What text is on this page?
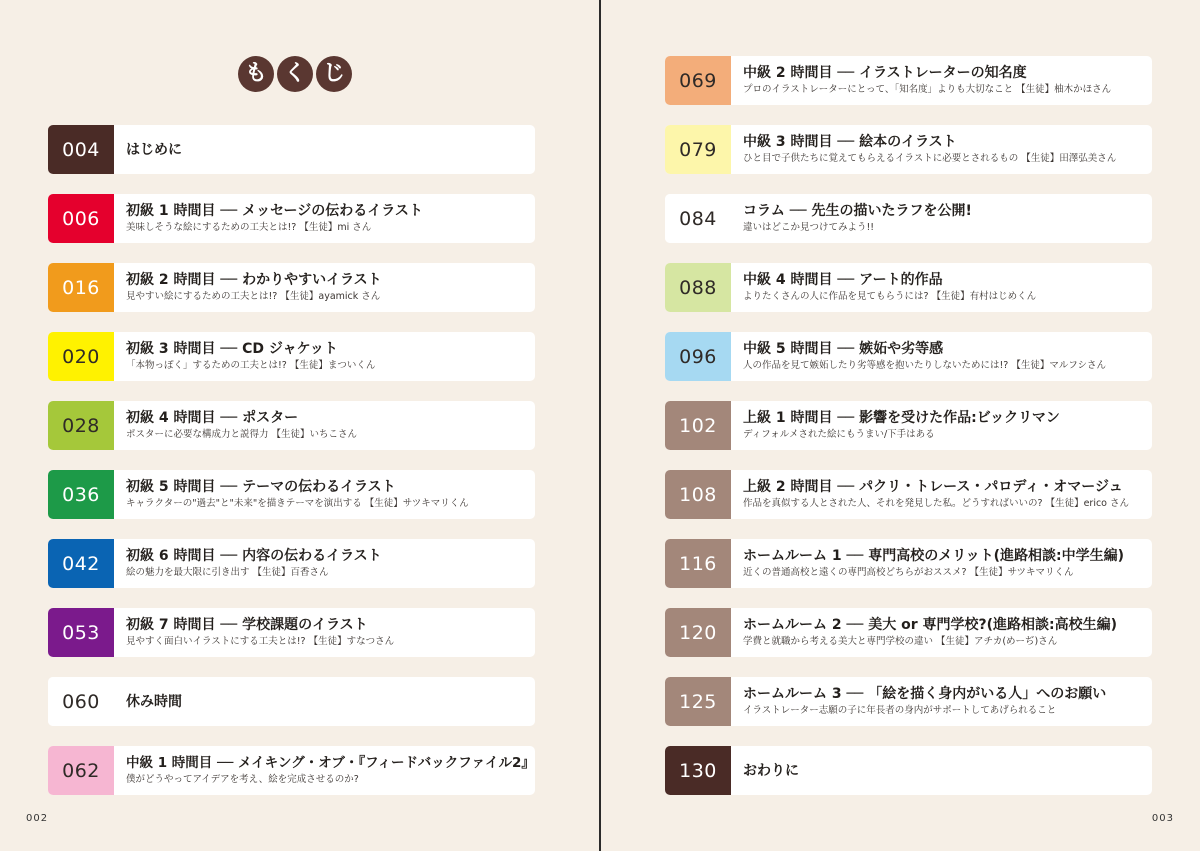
も く じ
004	はじめに
006	初級 1 時間目 ── メッセージの伝わるイラスト
美味しそうな絵にするための工夫とは!? 【生徒】mi さん
016	初級 2 時間目 ── わかりやすいイラスト
見やすい絵にするための工夫とは!? 【生徒】ayamick さん
020	初級 3 時間目 ── CD ジャケット
「本物っぽく」するための工夫とは!? 【生徒】まついくん
028	初級 4 時間目 ── ポスター
ポスターに必要な構成力と説得力 【生徒】いちこさん
036	初級 5 時間目 ── テーマの伝わるイラスト
キャラクターの"過去"と"未来"を描きテーマを演出する 【生徒】サツキマリくん
042	初級 6 時間目 ── 内容の伝わるイラスト
絵の魅力を最大限に引き出す 【生徒】百香さん
053	初級 7 時間目 ── 学校課題のイラスト
見やすく面白いイラストにする工夫とは!? 【生徒】すなつさん
060	休み時間
062	中級 1 時間目 ── メイキング・オブ・『フィードバックファイル2』
僕がどうやってアイデアを考え、絵を完成させるのか?
002
069	中級 2 時間目 ── イラストレーターの知名度
プロのイラストレーターにとって、「知名度」よりも大切なこと 【生徒】柚木かほさん
079	中級 3 時間目 ── 絵本のイラスト
ひと目で子供たちに覚えてもらえるイラストに必要とされるもの 【生徒】田澤弘美さん
084	コラム ── 先生の描いたラフを公開!
違いはどこか見つけてみよう!!
088	中級 4 時間目 ── アート的作品
よりたくさんの人に作品を見てもらうには? 【生徒】有村はじめくん
096	中級 5 時間目 ── 嫉妬や劣等感
人の作品を見て嫉妬したり劣等感を抱いたりしないためには!? 【生徒】マルフシさん
102	上級 1 時間目 ── 影響を受けた作品:ビックリマン
ディフォルメされた絵にもうまい/下手はある
108	上級 2 時間目 ── パクリ・トレース・パロディ・オマージュ
作品を真似する人とされた人、それを発見した私。どうすればいいの? 【生徒】erico さん
116	ホームルーム 1 ── 専門高校のメリット(進路相談:中学生編)
近くの普通高校と遠くの専門高校どちらがおススメ? 【生徒】サツキマリくん
120	ホームルーム 2 ── 美大 or 専門学校?(進路相談:高校生編)
学費と就職から考える美大と専門学校の違い 【生徒】アチカ(めーぢ)さん
125	ホームルーム 3 ── 「絵を描く身内がいる人」へのお願い
イラストレーター志願の子に年長者の身内がサポートしてあげられること
130	おわりに
003
